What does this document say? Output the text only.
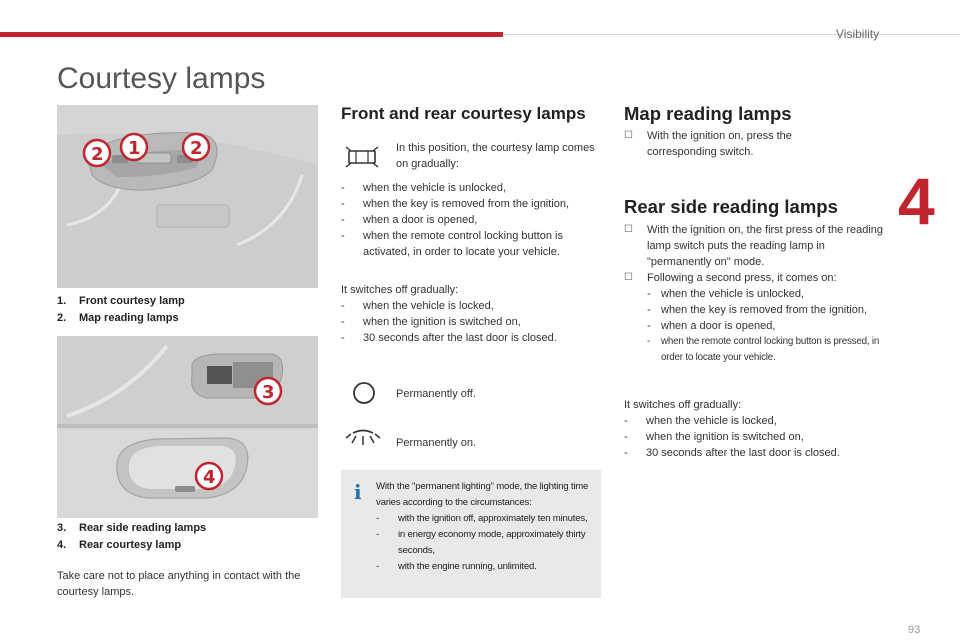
Visibility
4
Courtesy lamps
2 1	2
1. Front courtesy lamp
2. Map reading lamps
3
4
3. Rear side reading lamps
4. Rear courtesy lamp
Take care not to place anything in contact with the courtesy lamps.
Front and rear courtesy lamps
In this position, the courtesy lamp comes on gradually:
- when the vehicle is unlocked,
- when the key is removed from the ignition,
- when a door is opened,
- when the remote control locking button is activated, in order to locate your vehicle.
It switches off gradually:
- when the vehicle is locked,
- when the ignition is switched on,
- 30 seconds after the last door is closed.
Permanently off.
Permanently on.
i With the "permanent lighting" mode, the lighting time varies according to the circumstances:
- with the ignition off, approximately ten minutes,
- in energy economy mode, approximately thirty seconds,
- with the engine running, unlimited.
Map reading lamps
☐ With the ignition on, press the corresponding switch.
Rear side reading lamps
☐ With the ignition on, the first press of the reading lamp switch puts the reading lamp in "permanently on" mode.
☐ Following a second press, it comes on:
- when the vehicle is unlocked,
- when the key is removed from the ignition,
- when a door is opened,
- when the remote control locking button is pressed, in order to locate your vehicle.
It switches off gradually:
- when the vehicle is locked,
- when the ignition is switched on,
- 30 seconds after the last door is closed.
93
